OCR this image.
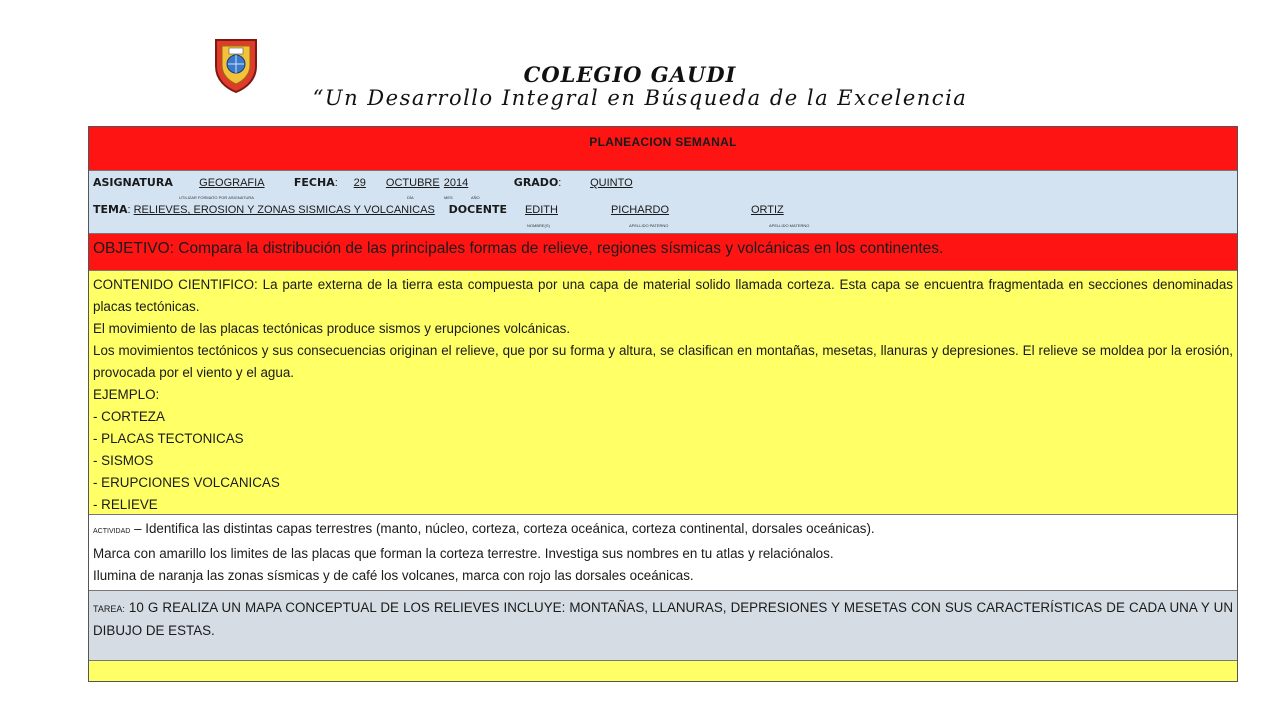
COLEGIO GAUDI
“Un Desarrollo Integral en Búsqueda de la Excelencia
PLANEACION SEMANAL
ASIGNATURA GEOGRAFIA	FECHA: 29 OCTUBRE 2014	GRADO:	QUINTO
UTILIZAR FORMATO POR ASIGNATURA	DÍA	MES	AÑO
TEMA: RELIEVES, EROSION Y ZONAS SISMICAS Y VOLCANICAS DOCENTE EDITH	PICHARDO	ORTIZ
NOMBRE(S)	APELLIDO PATERNO	APELLIDO MATERNO
OBJETIVO: Compara la distribución de las principales formas de relieve, regiones sísmicas y volcánicas en los continentes.
CONTENIDO CIENTIFICO: La parte externa de la tierra esta compuesta por una capa de material solido llamada corteza. Esta capa se encuentra fragmentada en secciones denominadas placas tectónicas.
El movimiento de las placas tectónicas produce sismos y erupciones volcánicas.
Los movimientos tectónicos y sus consecuencias originan el relieve, que por su forma y altura, se clasifican en montañas, mesetas, llanuras y depresiones. El relieve se moldea por la erosión, provocada por el viento y el agua.
EJEMPLO:
- CORTEZA
- PLACAS TECTONICAS
- SISMOS
- ERUPCIONES VOLCANICAS
- RELIEVE
ACTIVIDAD – Identifica las distintas capas terrestres (manto, núcleo, corteza, corteza oceánica, corteza continental, dorsales oceánicas).
Marca con amarillo los limites de las placas que forman la corteza terrestre. Investiga sus nombres en tu atlas y relaciónalos.
Ilumina de naranja las zonas sísmicas y de café los volcanes, marca con rojo las dorsales oceánicas.
TAREA: 10 G REALIZA UN MAPA CONCEPTUAL DE LOS RELIEVES INCLUYE: MONTAÑAS, LLANURAS, DEPRESIONES Y MESETAS CON SUS CARACTERÍSTICAS DE CADA UNA Y UN DIBUJO DE ESTAS.
